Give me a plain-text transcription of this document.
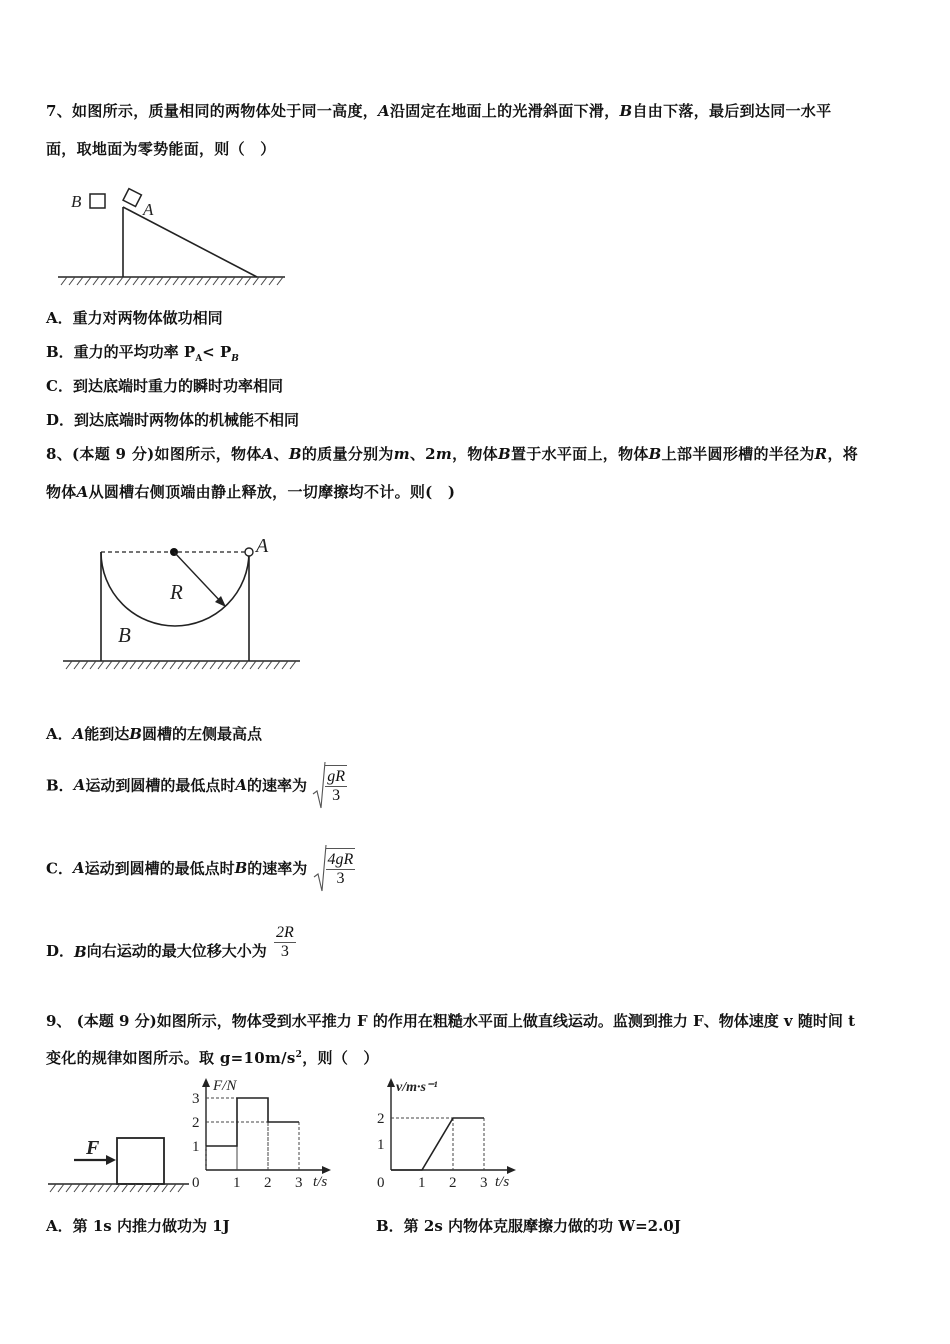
7、如图所示，质量相同的两物体处于同一高度，A沿固定在地面上的光滑斜面下滑，B自由下落，最后到达同一水平
面，取地面为零势能面，则（　）
B	A
A．重力对两物体做功相同
B．重力的平均功率 $P_A< P_B$
C．到达底端时重力的瞬时功率相同
D．到达底端时两物体的机械能不相同
8、(本题 9 分)如图所示，物体A、B的质量分别为m、2m，物体B置于水平面上，物体B上部半圆形槽的半径为R，将
物体A从圆槽右侧顶端由静止释放，一切摩擦均不计。则(　)
A
R
B
A．A能到达B圆槽的左侧最高点
B．A运动到圆槽的最低点时A的速率为 $\frac{gR}{3}$
C．A运动到圆槽的最低点时B的速率为 $\frac{4gR}{3}$
D．B向右运动的最大位移大小为 $\frac{2R}{3}$
9、 (本题 9 分)如图所示，物体受到水平推力 F 的作用在粗糙水平面上做直线运动。监测到推力 F、物体速度 v 随时间 t
变化的规律如图所示。取 $g=10m/s^2$，则（　）
F
F/N
t/s
1
2
3
0 1 2 3
v/m·s⁻¹
t/s
1
2
0 1 2 3
A．第 1s 内推力做功为 1J	B．第 2s 内物体克服摩擦力做的功 W=2.0J
